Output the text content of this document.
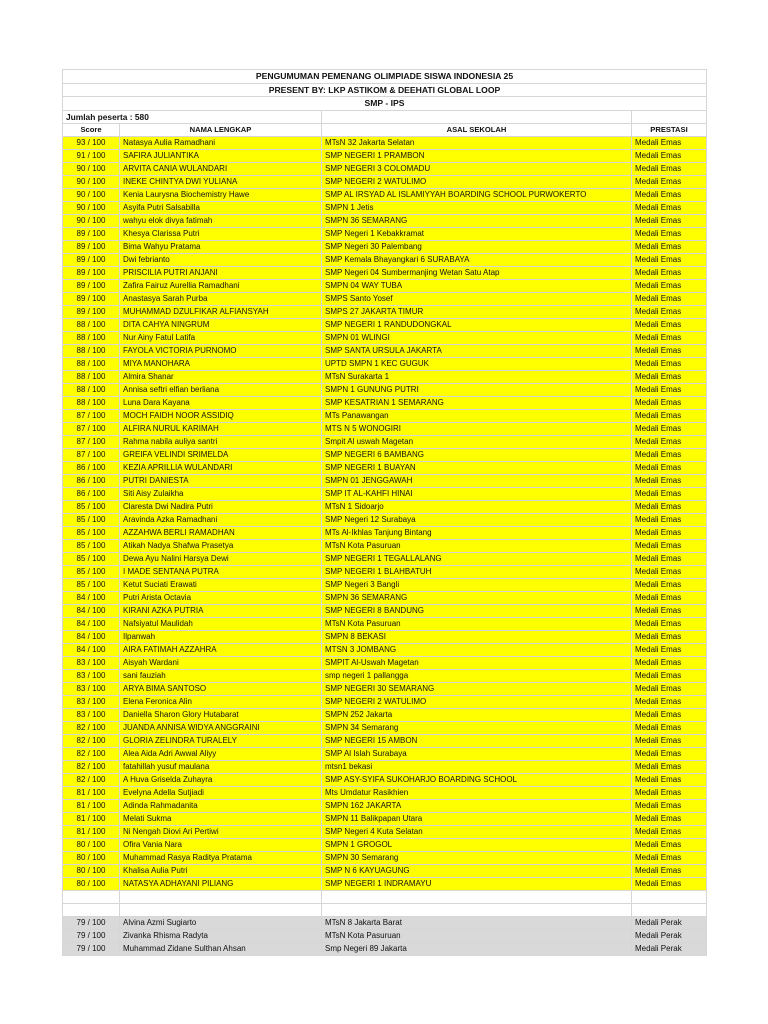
PENGUMUMAN PEMENANG OLIMPIADE SISWA INDONESIA 25			
PRESENT BY: LKP ASTIKOM & DEEHATI GLOBAL LOOP			
SMP - IPS			
Jumlah peserta : 580			
Score	NAMA LENGKAP	ASAL SEKOLAH	PRESTASI
93 / 100	Natasya Aulia Ramadhani	MTsN 32 Jakarta Selatan	Medali Emas
91 / 100	SAFIRA JULIANTIKA	SMP NEGERI 1 PRAMBON	Medali Emas
90 / 100	ARVITA CANIA WULANDARI	SMP NEGERI 3 COLOMADU	Medali Emas
90 / 100	INEKE CHINTYA DWI YULIANA	SMP NEGERI 2 WATULIMO	Medali Emas
90 / 100	Kenia Laurysna Biochemistry Hawe	SMP AL IRSYAD AL ISLAMIYYAH BOARDING SCHOOL PURWOKERTO	Medali Emas
90 / 100	Asyifa Putri Salsabilla	SMPN 1 Jetis	Medali Emas
90 / 100	wahyu elok divya fatimah	SMPN 36 SEMARANG	Medali Emas
89 / 100	Khesya Clarissa Putri	SMP Negeri 1 Kebakkramat	Medali Emas
89 / 100	Bima Wahyu Pratama	SMP Negeri 30 Palembang	Medali Emas
89 / 100	Dwi febrianto	SMP Kemala Bhayangkari 6 SURABAYA	Medali Emas
89 / 100	PRISCILIA PUTRI ANJANI	SMP Negeri 04 Sumbermanjing Wetan Satu Atap	Medali Emas
89 / 100	Zafira Fairuz Aurellia Ramadhani	SMPN 04 WAY TUBA	Medali Emas
89 / 100	Anastasya Sarah Purba	SMPS Santo Yosef	Medali Emas
89 / 100	MUHAMMAD DZULFIKAR ALFIANSYAH	SMPS 27 JAKARTA TIMUR	Medali Emas
88 / 100	DITA CAHYA NINGRUM	SMP NEGERI 1 RANDUDONGKAL	Medali Emas
88 / 100	Nur Ainy Fatul Latifa	SMPN 01 WLINGI	Medali Emas
88 / 100	FAYOLA VICTORIA PURNOMO	SMP SANTA URSULA JAKARTA	Medali Emas
88 / 100	MIYA MANOHARA	UPTD SMPN 1 KEC GUGUK	Medali Emas
88 / 100	Almira Shanar	MTsN Surakarta 1	Medali Emas
88 / 100	Annisa seftri elfian berliana	SMPN 1 GUNUNG PUTRI	Medali Emas
88 / 100	Luna Dara Kayana	SMP KESATRIAN 1 SEMARANG	Medali Emas
87 / 100	MOCH FAIDH NOOR ASSIDIQ	MTs Panawangan	Medali Emas
87 / 100	ALFIRA NURUL KARIMAH	MTS N 5 WONOGIRI	Medali Emas
87 / 100	Rahma nabila auliya santri	Smpit Al uswah Magetan	Medali Emas
87 / 100	GREIFA VELINDI SRIMELDA	SMP NEGERI 6 BAMBANG	Medali Emas
86 / 100	KEZIA APRILLIA WULANDARI	SMP NEGERI 1 BUAYAN	Medali Emas
86 / 100	PUTRI DANIESTA	SMPN 01 JENGGAWAH	Medali Emas
86 / 100	Siti Aisy Zulaikha	SMP IT AL-KAHFI HINAI	Medali Emas
85 / 100	Claresta Dwi Nadira Putri	MTsN 1 Sidoarjo	Medali Emas
85 / 100	Aravinda Azka Ramadhani	SMP Negeri 12 Surabaya	Medali Emas
85 / 100	AZZAHWA BERLI RAMADHAN	MTs Al-Ikhlas Tanjung Bintang	Medali Emas
85 / 100	Atikah Nadya Shafwa Prasetya	MTsN Kota Pasuruan	Medali Emas
85 / 100	Dewa Ayu Nalini Harsya Dewi	SMP NEGERI 1 TEGALLALANG	Medali Emas
85 / 100	I MADE SENTANA PUTRA	SMP NEGERI 1 BLAHBATUH	Medali Emas
85 / 100	Ketut Suciati Erawati	SMP Negeri 3 Bangli	Medali Emas
84 / 100	Putri Arista Octavia	SMPN 36 SEMARANG	Medali Emas
84 / 100	KIRANI AZKA PUTRIA	SMP NEGERI 8 BANDUNG	Medali Emas
84 / 100	Nafsiyatul Maulidah	MTsN Kota Pasuruan	Medali Emas
84 / 100	Ilpanwah	SMPN 8 BEKASI	Medali Emas
84 / 100	AIRA FATIMAH AZZAHRA	MTSN 3 JOMBANG	Medali Emas
83 / 100	Aisyah Wardani	SMPIT Al-Uswah Magetan	Medali Emas
83 / 100	sani fauziah	smp negeri 1 pallangga	Medali Emas
83 / 100	ARYA BIMA SANTOSO	SMP NEGERI 30 SEMARANG	Medali Emas
83 / 100	Elena Feronica Alin	SMP NEGERI 2 WATULIMO	Medali Emas
83 / 100	Daniella Sharon Glory Hutabarat	SMPN 252 Jakarta	Medali Emas
82 / 100	JUANDA ANNISA WIDYA ANGGRAINI	SMPN 34 Semarang	Medali Emas
82 / 100	GLORIA ZELINDRA TURALELY	SMP NEGERI 15 AMBON	Medali Emas
82 / 100	Alea Aida Adri Awwal Aliyy	SMP Al Islah Surabaya	Medali Emas
82 / 100	fatahillah yusuf maulana	mtsn1 bekasi	Medali Emas
82 / 100	A Huva Griselda Zuhayra	SMP ASY-SYIFA SUKOHARJO BOARDING SCHOOL	Medali Emas
81 / 100	Evelyna Adella Sutjiadi	Mts Umdatur Rasikhien	Medali Emas
81 / 100	Adinda Rahmadanita	SMPN 162 JAKARTA	Medali Emas
81 / 100	Melati Sukma	SMPN 11 Balikpapan Utara	Medali Emas
81 / 100	Ni Nengah Diovi Ari Pertiwi	SMP Negeri 4 Kuta Selatan	Medali Emas
80 / 100	Ofira Vania Nara	SMPN 1 GROGOL	Medali Emas
80 / 100	Muhammad Rasya Raditya Pratama	SMPN 30 Semarang	Medali Emas
80 / 100	Khalisa Aulia Putri	SMP N 6 KAYUAGUNG	Medali Emas
80 / 100	NATASYA ADHAYANI PILIANG	SMP NEGERI 1 INDRAMAYU	Medali Emas

79 / 100	Alvina Azmi Sugiarto	MTsN 8 Jakarta Barat	Medali Perak
79 / 100	Zivanka Rhisma Radyta	MTsN Kota Pasuruan	Medali Perak
79 / 100	Muhammad Zidane Sulthan Ahsan	Smp Negeri 89 Jakarta	Medali Perak
